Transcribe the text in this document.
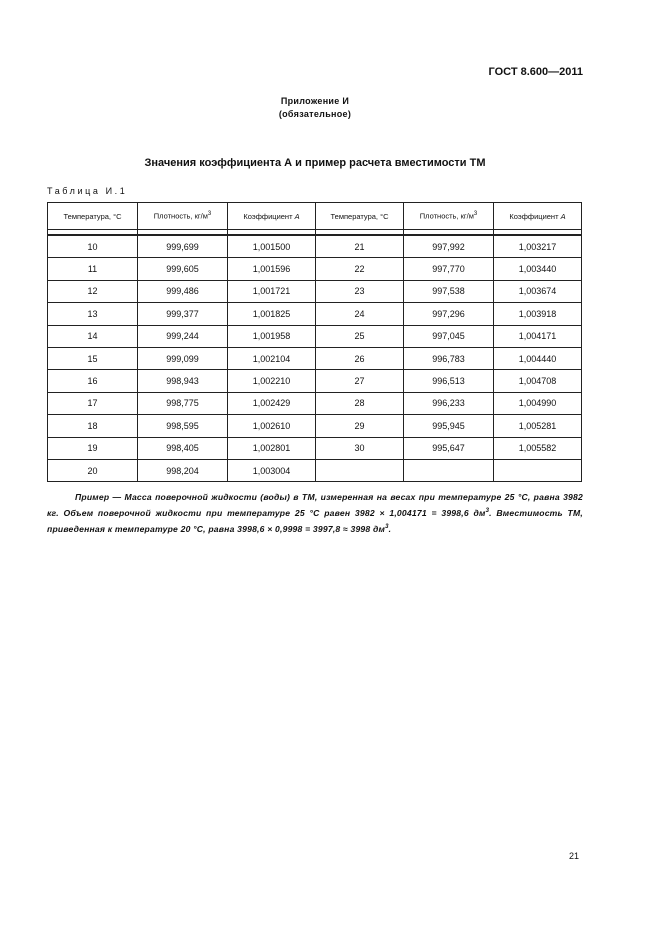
ГОСТ 8.600—2011
Приложение И
(обязательное)
Значения коэффициента А и пример расчета вместимости ТМ
Таблица И.1
Температура, °С	Плотность, $кг/м^3$	Коэффициент А	Температура, °С	Плотность, $кг/м^3$	Коэффициент А

10	999,699	1,001500	21	997,992	1,003217
11	999,605	1,001596	22	997,770	1,003440
12	999,486	1,001721	23	997,538	1,003674
13	999,377	1,001825	24	997,296	1,003918
14	999,244	1,001958	25	997,045	1,004171
15	999,099	1,002104	26	996,783	1,004440
16	998,943	1,002210	27	996,513	1,004708
17	998,775	1,002429	28	996,233	1,004990
18	998,595	1,002610	29	995,945	1,005281
19	998,405	1,002801	30	995,647	1,005582
20	998,204	1,003004			
Пример — Масса поверочной жидкости (воды) в ТМ, измеренная на весах при температуре 25 °С, равна 3982 кг. Объем поверочной жидкости при температуре 25 °С равен 3982 × 1,004171 = 3998,6 $дм^3$. Вместимость ТМ, приведенная к температуре 20 °С, равна 3998,6 × 0,9998 = 3997,8 ≈ 3998 $дм^3$.
21
